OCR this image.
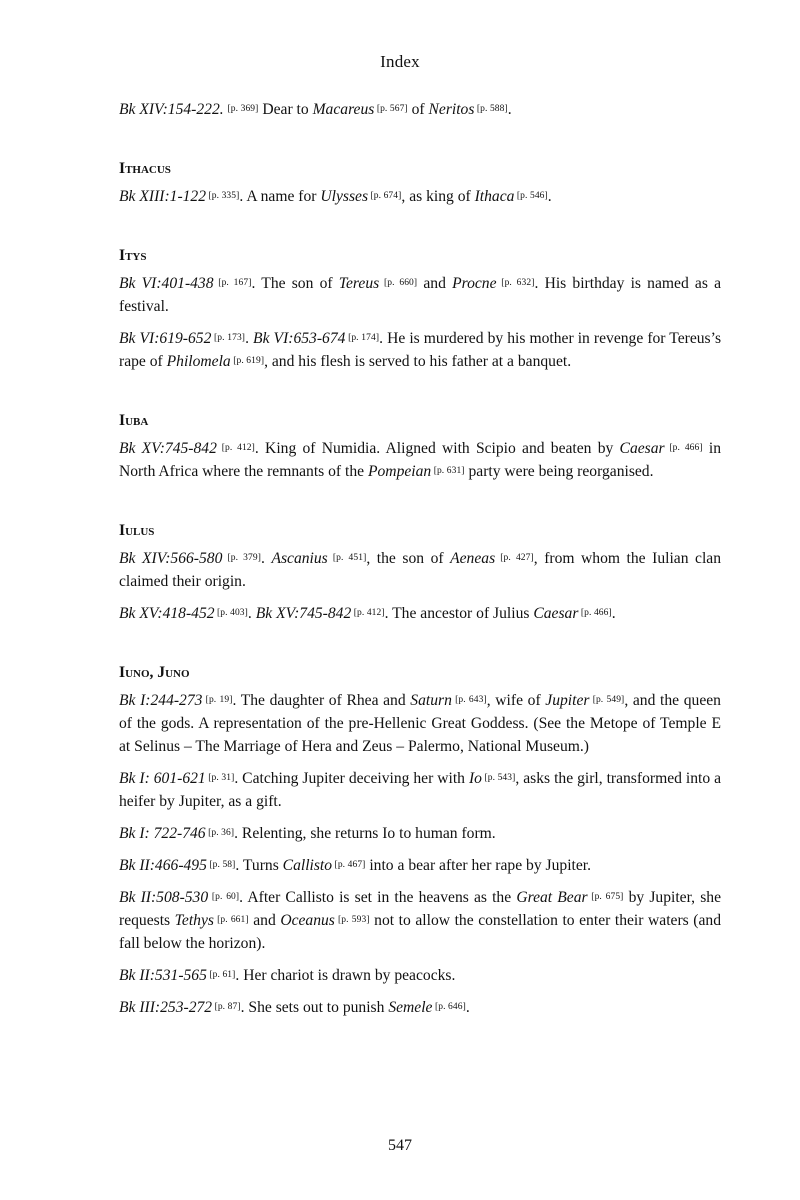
Index

Bk XIV:154-222. [p. 369] Dear to Macareus [p. 567] of Neritos [p. 588].

Ithacus

Bk XIII:1-122 [p. 335]. A name for Ulysses [p. 674], as king of Ithaca [p. 546].

Itys

Bk VI:401-438 [p. 167]. The son of Tereus [p. 660] and Procne [p. 632]. His birthday is named as a festival.

Bk VI:619-652 [p. 173]. Bk VI:653-674 [p. 174]. He is murdered by his mother in revenge for Tereus’s rape of Philomela [p. 619], and his flesh is served to his father at a banquet.

Iuba

Bk XV:745-842 [p. 412]. King of Numidia. Aligned with Scipio and beaten by Caesar [p. 466] in North Africa where the remnants of the Pompeian [p. 631] party were being reorganised.

Iulus

Bk XIV:566-580 [p. 379]. Ascanius [p. 451], the son of Aeneas [p. 427], from whom the Iulian clan claimed their origin.

Bk XV:418-452 [p. 403]. Bk XV:745-842 [p. 412]. The ancestor of Julius Caesar [p. 466].

Iuno, Juno

Bk I:244-273 [p. 19]. The daughter of Rhea and Saturn [p. 643], wife of Jupiter [p. 549], and the queen of the gods. A representation of the pre-Hellenic Great Goddess. (See the Metope of Temple E at Selinus – The Marriage of Hera and Zeus – Palermo, National Museum.)

Bk I: 601-621 [p. 31]. Catching Jupiter deceiving her with Io [p. 543], asks the girl, transformed into a heifer by Jupiter, as a gift.

Bk I: 722-746 [p. 36]. Relenting, she returns Io to human form.

Bk II:466-495 [p. 58]. Turns Callisto [p. 467] into a bear after her rape by Jupiter.

Bk II:508-530 [p. 60]. After Callisto is set in the heavens as the Great Bear [p. 675] by Jupiter, she requests Tethys [p. 661] and Oceanus [p. 593] not to allow the constellation to enter their waters (and fall below the horizon).

Bk II:531-565 [p. 61]. Her chariot is drawn by peacocks.

Bk III:253-272 [p. 87]. She sets out to punish Semele [p. 646].

547
